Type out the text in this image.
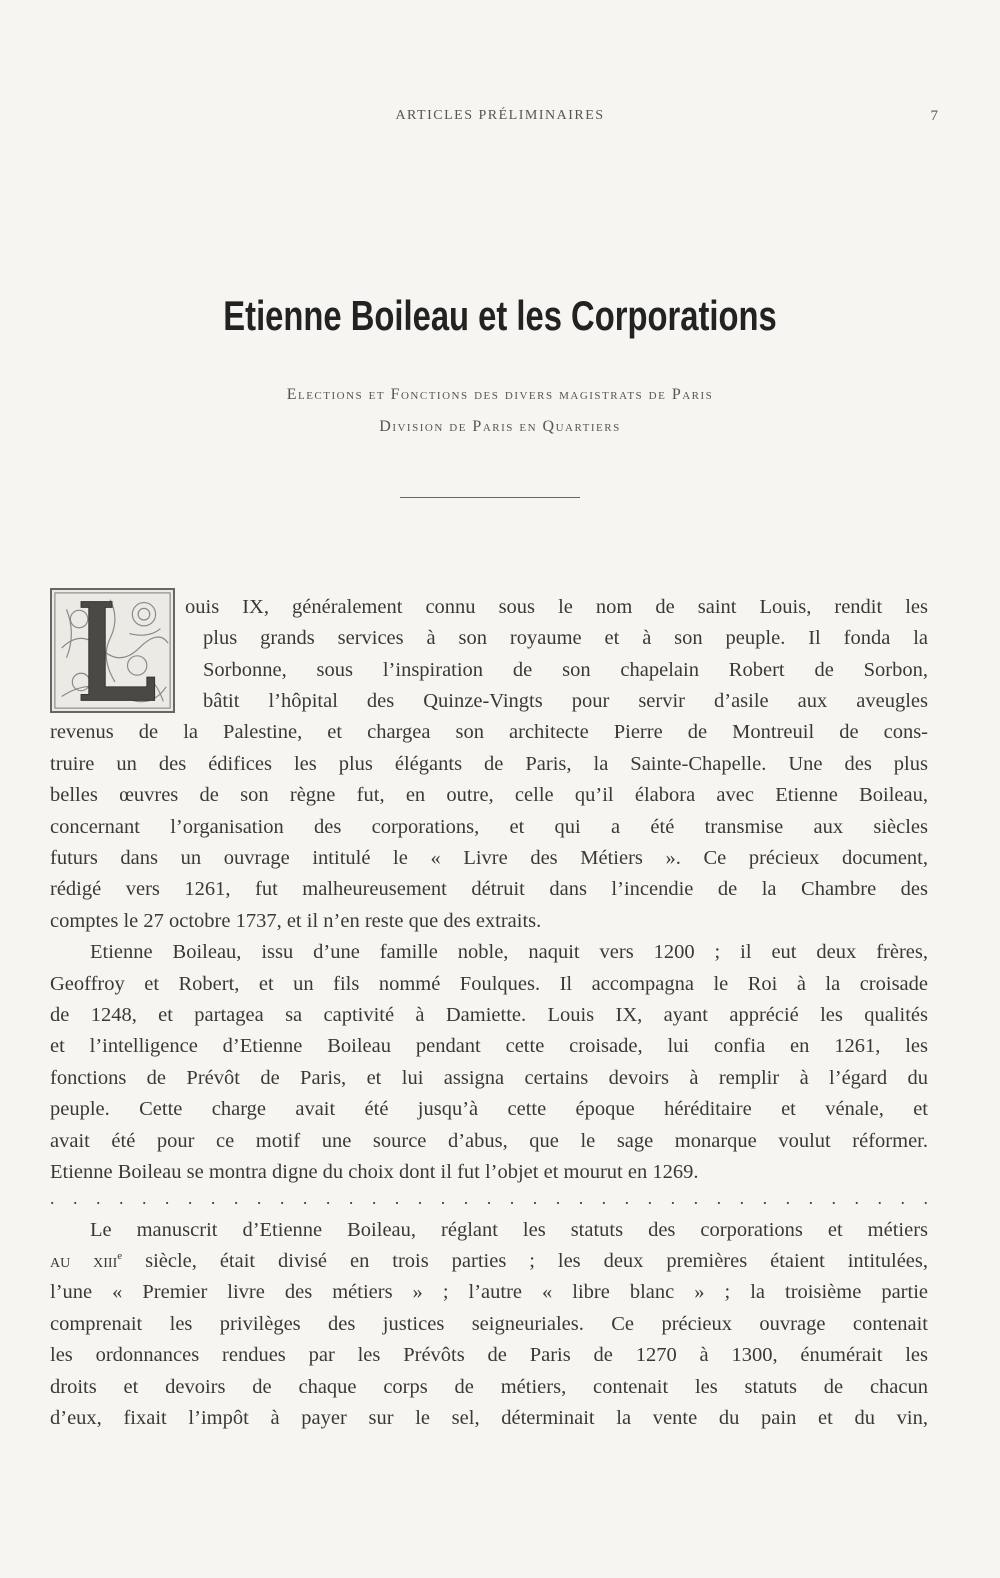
ARTICLES PRÉLIMINAIRES	7
Etienne Boileau et les Corporations
Elections et Fonctions des divers magistrats de Paris
Division de Paris en Quartiers
L
ouis IX, généralement connu sous le nom de saint Louis, rendit les
plus grands services à son royaume et à son peuple. Il fonda la
Sorbonne, sous l’inspiration de son chapelain Robert de Sorbon,
bâtit l’hôpital des Quinze-Vingts pour servir d’asile aux aveugles
revenus de la Palestine, et chargea son architecte Pierre de Montreuil de cons-
truire un des édifices les plus élégants de Paris, la Sainte-Chapelle. Une des plus
belles œuvres de son règne fut, en outre, celle qu’il élabora avec Etienne Boileau,
concernant l’organisation des corporations, et qui a été transmise aux siècles
futurs dans un ouvrage intitulé le « Livre des Métiers ». Ce précieux document,
rédigé vers 1261, fut malheureusement détruit dans l’incendie de la Chambre des
comptes le 27 octobre 1737, et il n’en reste que des extraits.
Etienne Boileau, issu d’une famille noble, naquit vers 1200 ; il eut deux frères,
Geoffroy et Robert, et un fils nommé Foulques. Il accompagna le Roi à la croisade
de 1248, et partagea sa captivité à Damiette. Louis IX, ayant apprécié les qualités
et l’intelligence d’Etienne Boileau pendant cette croisade, lui confia en 1261, les
fonctions de Prévôt de Paris, et lui assigna certains devoirs à remplir à l’égard du
peuple. Cette charge avait été jusqu’à cette époque héréditaire et vénale, et
avait été pour ce motif une source d’abus, que le sage monarque voulut réformer.
Etienne Boileau se montra digne du choix dont il fut l’objet et mourut en 1269.
. . . . . . . . . . . . . . . . . . . . . . . . . . . . . . . . . . . . . . .
Le manuscrit d’Etienne Boileau, réglant les statuts des corporations et métiers
au xiii$^e$ siècle, était divisé en trois parties ; les deux premières étaient intitulées,
l’une « Premier livre des métiers » ; l’autre « libre blanc » ; la troisième partie
comprenait les privilèges des justices seigneuriales. Ce précieux ouvrage contenait
les ordonnances rendues par les Prévôts de Paris de 1270 à 1300, énumérait les
droits et devoirs de chaque corps de métiers, contenait les statuts de chacun
d’eux, fixait l’impôt à payer sur le sel, déterminait la vente du pain et du vin,
